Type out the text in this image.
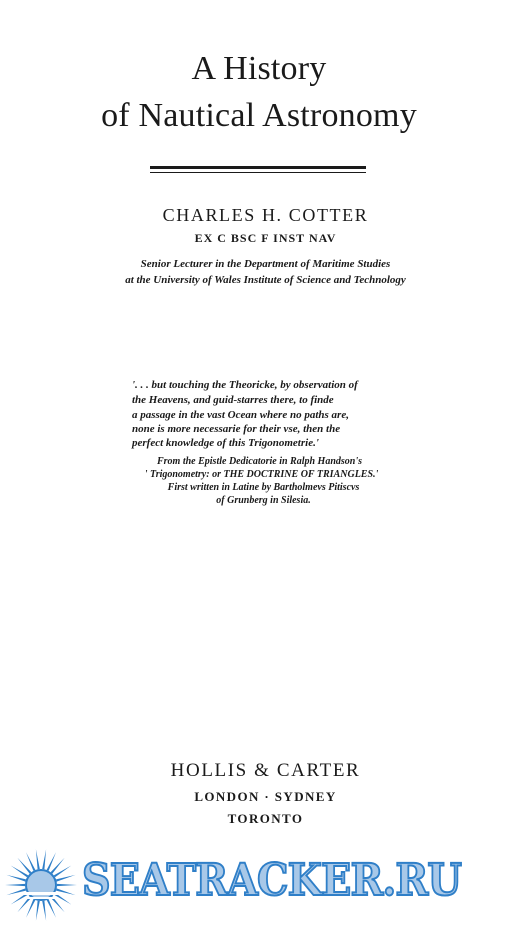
A History
of Nautical Astronomy
CHARLES H. COTTER
EX C BSC F INST NAV
Senior Lecturer in the Department of Maritime Studies
at the University of Wales Institute of Science and Technology
'. . . but touching the Theoricke, by observation of
the Heavens, and guid-starres there, to finde
a passage in the vast Ocean where no paths are,
none is more necessarie for their vse, then the
perfect knowledge of this Trigonometrie.'
From the Epistle Dedicatorie in Ralph Handson's
' Trigonometry: or THE DOCTRINE OF TRIANGLES.'
First written in Latine by Bartholmevs Pitiscvs
of Grunberg in Silesia.
HOLLIS & CARTER
LONDON · SYDNEY
TORONTO
SEATRACKER.RU
